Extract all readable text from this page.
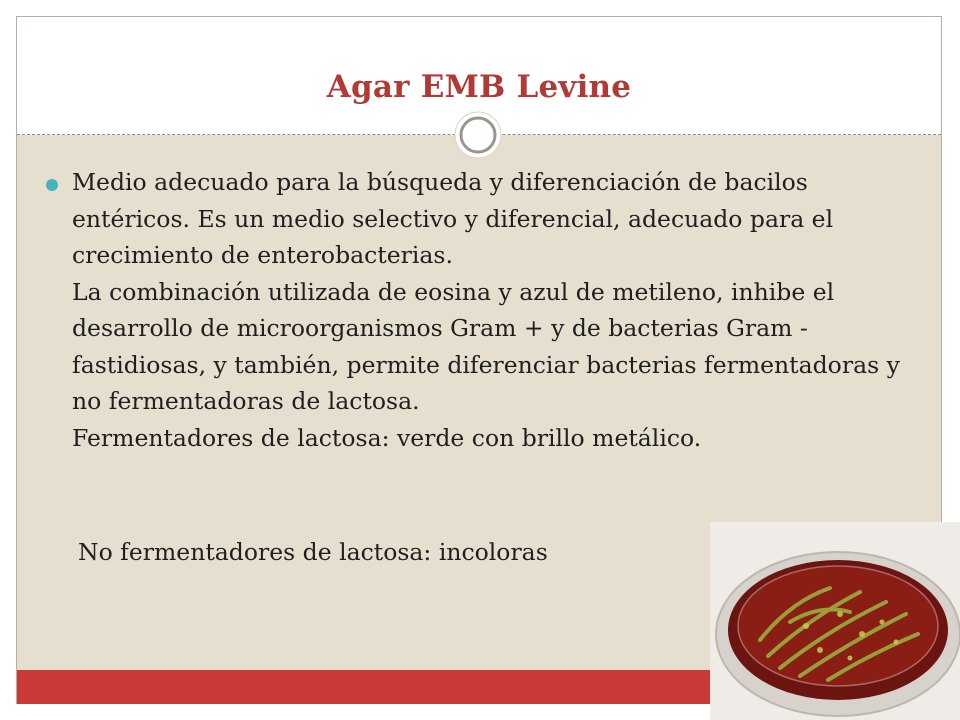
Agar EMB Levine

Medio adecuado para la búsqueda y diferenciación de bacilos entéricos. Es un medio selectivo y diferencial, adecuado para el crecimiento de enterobacterias.

La combinación utilizada de eosina y azul de metileno, inhibe el desarrollo de microorganismos Gram + y de bacterias Gram - fastidiosas, y también, permite diferenciar bacterias fermentadoras y no fermentadoras de lactosa.

Fermentadores de lactosa: verde con brillo metálico.

No fermentadores de lactosa: incoloras
